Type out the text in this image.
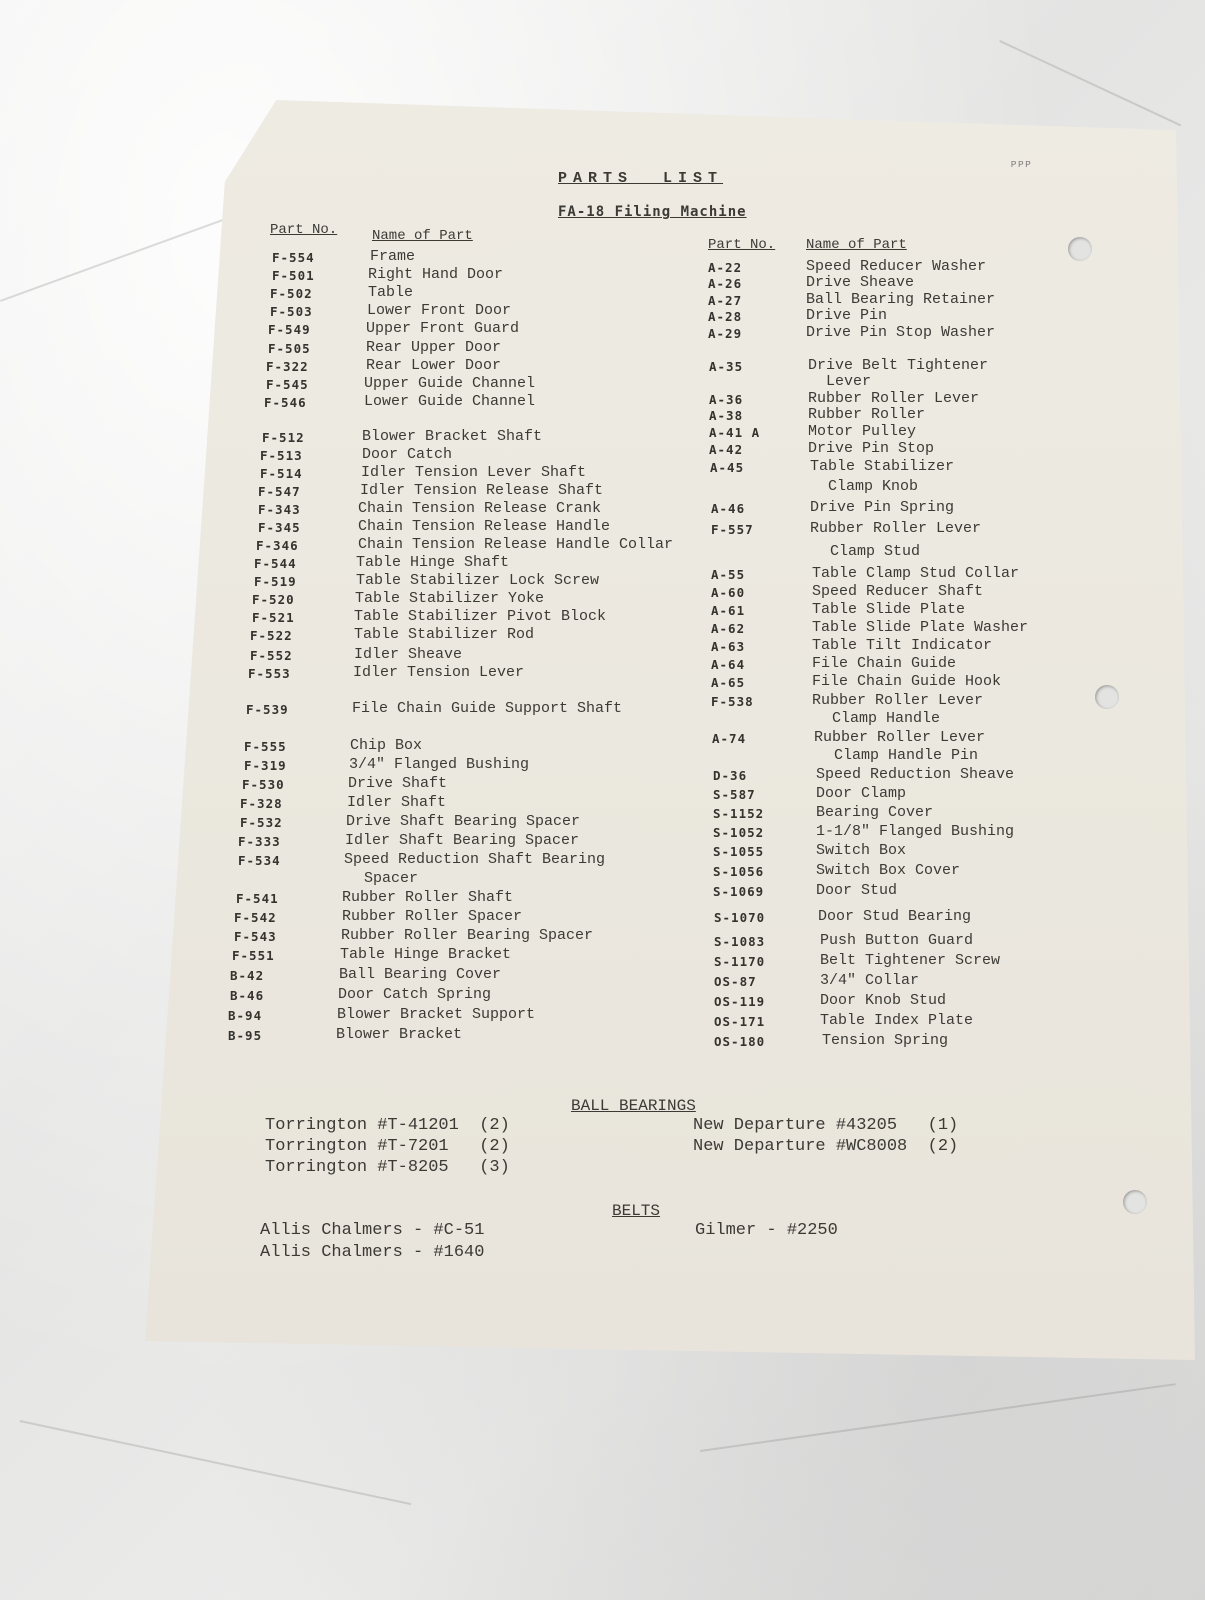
ᴾᴾᴾ
PARTS  LIST
FA-18 Filing Machine
Part No. Name of Part
Part No. Name of Part
F-554	Frame
F-501	Right Hand Door
F-502	Table
F-503	Lower Front Door
F-549	Upper Front Guard
F-505	Rear Upper Door
F-322	Rear Lower Door
F-545	Upper Guide Channel
F-546	Lower Guide Channel
F-512	Blower Bracket Shaft
F-513	Door Catch
F-514	Idler Tension Lever Shaft
F-547	Idler Tension Release Shaft
F-343	Chain Tension Release Crank
F-345	Chain Tension Release Handle
F-346	Chain Tension Release Handle Collar
F-544	Table Hinge Shaft
F-519	Table Stabilizer Lock Screw
F-520	Table Stabilizer Yoke
F-521	Table Stabilizer Pivot Block
F-522	Table Stabilizer Rod
F-552	Idler Sheave
F-553	Idler Tension Lever
F-539	File Chain Guide Support Shaft
F-555	Chip Box
F-319	3/4" Flanged Bushing
F-530	Drive Shaft
F-328	Idler Shaft
F-532	Drive Shaft Bearing Spacer
F-333	Idler Shaft Bearing Spacer
F-534	Speed Reduction Shaft Bearing
Spacer
F-541	Rubber Roller Shaft
F-542	Rubber Roller Spacer
F-543	Rubber Roller Bearing Spacer
F-551	Table Hinge Bracket
B-42	Ball Bearing Cover
B-46	Door Catch Spring
B-94	Blower Bracket Support
B-95	Blower Bracket
A-22	Speed Reducer Washer
A-26	Drive Sheave
A-27	Ball Bearing Retainer
A-28	Drive Pin
A-29	Drive Pin Stop Washer
A-35	Drive Belt Tightener
Lever
A-36	Rubber Roller Lever
A-38	Rubber Roller
A-41 A	Motor Pulley
A-42	Drive Pin Stop
A-45	Table Stabilizer
Clamp Knob
A-46	Drive Pin Spring
F-557	Rubber Roller Lever
Clamp Stud
A-55	Table Clamp Stud Collar
A-60	Speed Reducer Shaft
A-61	Table Slide Plate
A-62	Table Slide Plate Washer
A-63	Table Tilt Indicator
A-64	File Chain Guide
A-65	File Chain Guide Hook
F-538	Rubber Roller Lever
Clamp Handle
A-74	Rubber Roller Lever
Clamp Handle Pin
D-36	Speed Reduction Sheave
S-587	Door Clamp
S-1152	Bearing Cover
S-1052	1-1/8" Flanged Bushing
S-1055	Switch Box
S-1056	Switch Box Cover
S-1069	Door Stud
S-1070	Door Stud Bearing
S-1083	Push Button Guard
S-1170	Belt Tightener Screw
OS-87	3/4" Collar
OS-119	Door Knob Stud
OS-171	Table Index Plate
OS-180	Tension Spring
BALL BEARINGS
Torrington #T-41201  (2)
Torrington #T-7201   (2)
Torrington #T-8205   (3)
New Departure #43205   (1)
New Departure #WC8008  (2)
BELTS
Allis Chalmers - #C-51
Allis Chalmers - #1640
Gilmer - #2250
